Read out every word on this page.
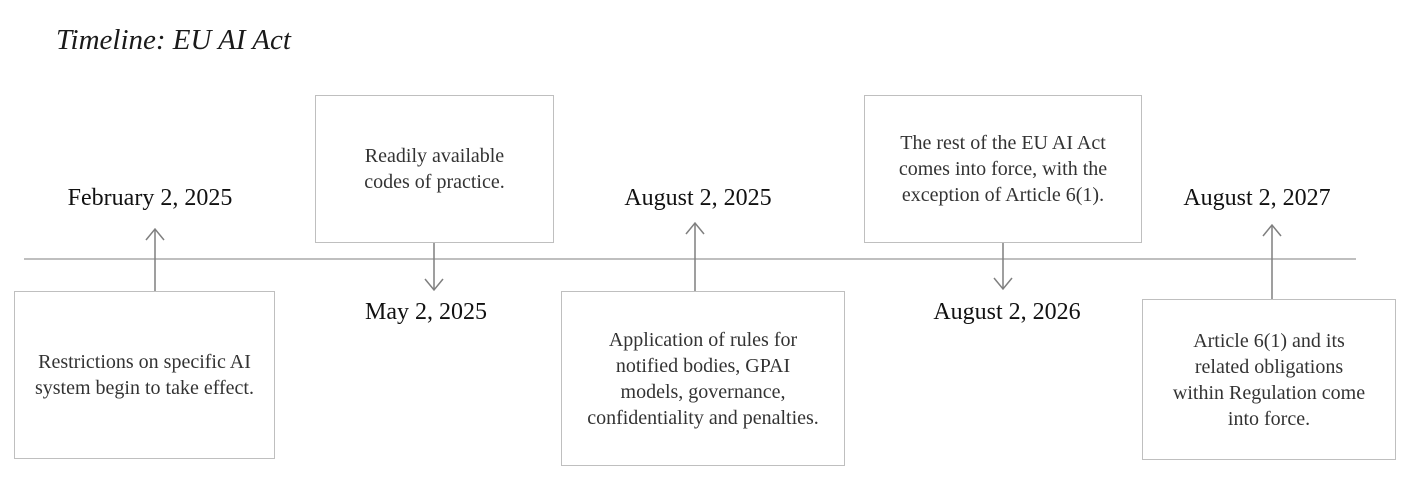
Timeline: EU AI Act
February 2, 2025
Restrictions on specific AI system begin to take effect.
Readily available codes of practice.
May 2, 2025
August 2, 2025
Application of rules for notified bodies, GPAI models, governance, confidentiality and penalties.
The rest of the EU AI Act comes into force, with the exception of Article 6(1).
August 2, 2026
August 2, 2027
Article 6(1) and its related obligations within Regulation come into force.
